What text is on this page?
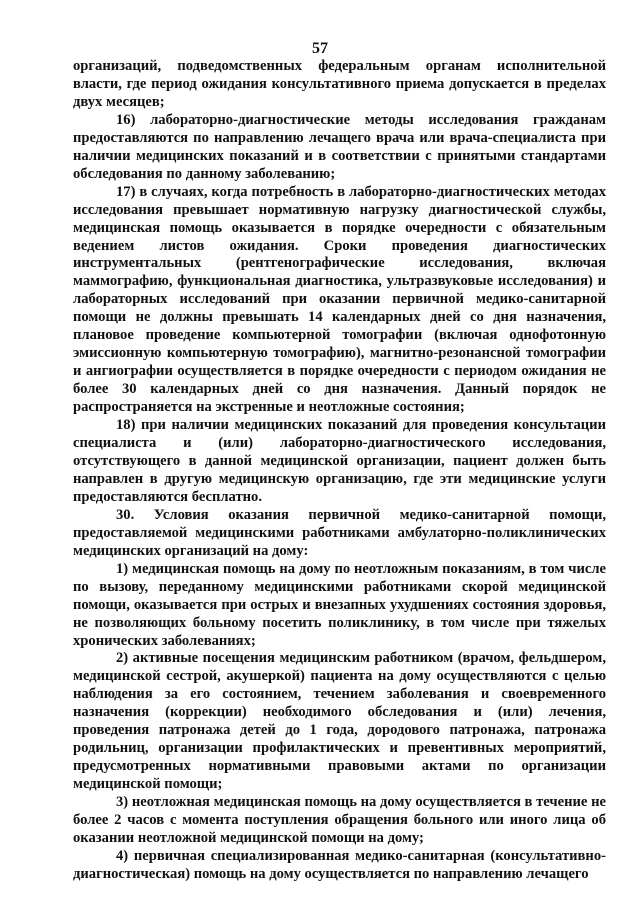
57

организаций, подведомственных федеральным органам исполнительной власти, где период ожидания консультативного приема допускается в пределах двух месяцев;

16) лабораторно-диагностические методы исследования гражданам предоставляются по направлению лечащего врача или врача-специалиста при наличии медицинских показаний и в соответствии с принятыми стандартами обследования по данному заболеванию;

17) в случаях, когда потребность в лабораторно-диагностических методах исследования превышает нормативную нагрузку диагностической службы, медицинская помощь оказывается в порядке очередности с обязательным ведением листов ожидания. Сроки проведения диагностических инструментальных (рентгенографические исследования, включая маммографию, функциональная диагностика, ультразвуковые исследования) и лабораторных исследований при оказании первичной медико-санитарной помощи не должны превышать 14 календарных дней со дня назначения, плановое проведение компьютерной томографии (включая однофотонную эмиссионную компьютерную томографию), магнитно-резонансной томографии и ангиографии осуществляется в порядке очередности с периодом ожидания не более 30 календарных дней со дня назначения. Данный порядок не распространяется на экстренные и неотложные состояния;

18) при наличии медицинских показаний для проведения консультации специалиста и (или) лабораторно-диагностического исследования, отсутствующего в данной медицинской организации, пациент должен быть направлен в другую медицинскую организацию, где эти медицинские услуги предоставляются бесплатно.

30. Условия оказания первичной медико-санитарной помощи, предоставляемой медицинскими работниками амбулаторно-поликлинических медицинских организаций на дому:

1) медицинская помощь на дому по неотложным показаниям, в том числе по вызову, переданному медицинскими работниками скорой медицинской помощи, оказывается при острых и внезапных ухудшениях состояния здоровья, не позволяющих больному посетить поликлинику, в том числе при тяжелых хронических заболеваниях;

2) активные посещения медицинским работником (врачом, фельдшером, медицинской сестрой, акушеркой) пациента на дому осуществляются с целью наблюдения за его состоянием, течением заболевания и своевременного назначения (коррекции) необходимого обследования и (или) лечения, проведения патронажа детей до 1 года, дородового патронажа, патронажа родильниц, организации профилактических и превентивных мероприятий, предусмотренных нормативными правовыми актами по организации медицинской помощи;

3) неотложная медицинская помощь на дому осуществляется в течение не более 2 часов с момента поступления обращения больного или иного лица об оказании неотложной медицинской помощи на дому;

4) первичная специализированная медико-санитарная (консультативно-диагностическая) помощь на дому осуществляется по направлению лечащего
